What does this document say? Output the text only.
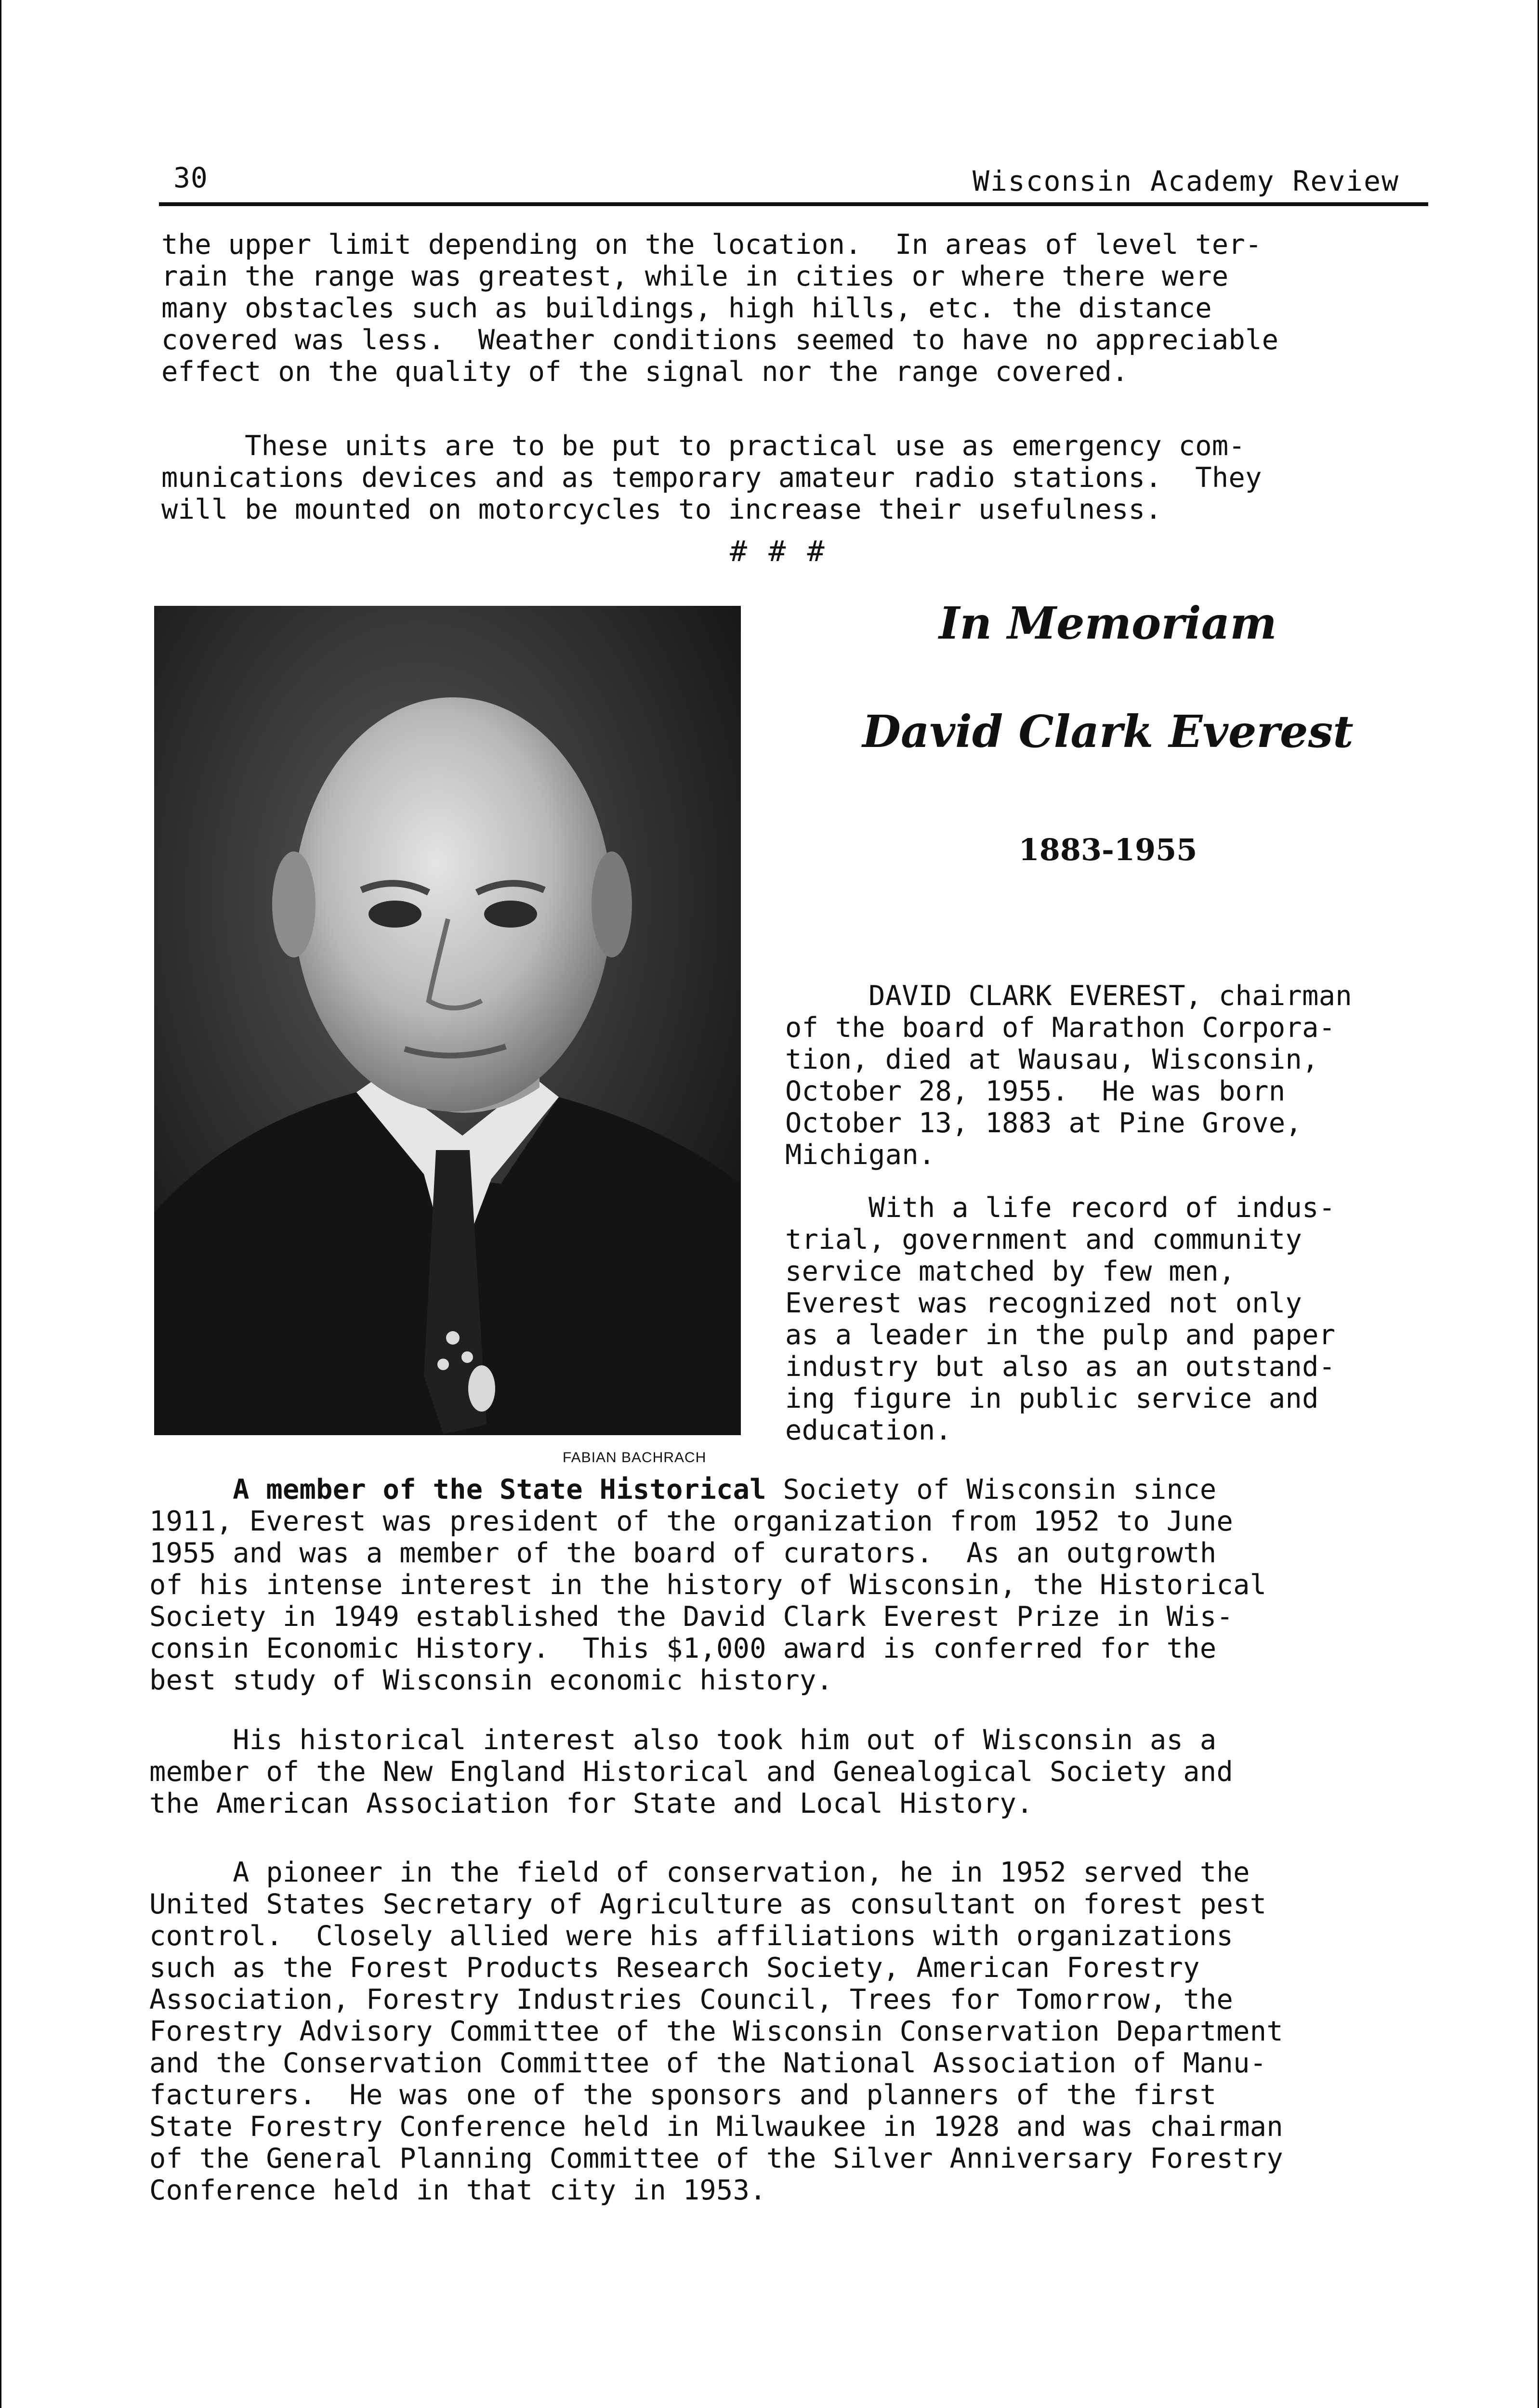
30	Wisconsin Academy Review
the upper limit depending on the location.  In areas of level ter-
rain the range was greatest, while in cities or where there were
many obstacles such as buildings, high hills, etc. the distance
covered was less.  Weather conditions seemed to have no appreciable
effect on the quality of the signal nor the range covered.
These units are to be put to practical use as emergency com-
munications devices and as temporary amateur radio stations.  They
will be mounted on motorcycles to increase their usefulness.
# # #
FABIAN BACHRACH
In Memoriam
David Clark Everest
1883-1955
DAVID CLARK EVEREST, chairman
of the board of Marathon Corpora-
tion, died at Wausau, Wisconsin,
October 28, 1955.  He was born
October 13, 1883 at Pine Grove,
Michigan.
With a life record of indus-
trial, government and community
service matched by few men,
Everest was recognized not only
as a leader in the pulp and paper
industry but also as an outstand-
ing figure in public service and
education.
A member of the State Historical Society of Wisconsin since
1911, Everest was president of the organization from 1952 to June
1955 and was a member of the board of curators.  As an outgrowth
of his intense interest in the history of Wisconsin, the Historical
Society in 1949 established the David Clark Everest Prize in Wis-
consin Economic History.  This $1,000 award is conferred for the
best study of Wisconsin economic history.
His historical interest also took him out of Wisconsin as a
member of the New England Historical and Genealogical Society and
the American Association for State and Local History.
A pioneer in the field of conservation, he in 1952 served the
United States Secretary of Agriculture as consultant on forest pest
control.  Closely allied were his affiliations with organizations
such as the Forest Products Research Society, American Forestry
Association, Forestry Industries Council, Trees for Tomorrow, the
Forestry Advisory Committee of the Wisconsin Conservation Department
and the Conservation Committee of the National Association of Manu-
facturers.  He was one of the sponsors and planners of the first
State Forestry Conference held in Milwaukee in 1928 and was chairman
of the General Planning Committee of the Silver Anniversary Forestry
Conference held in that city in 1953.
